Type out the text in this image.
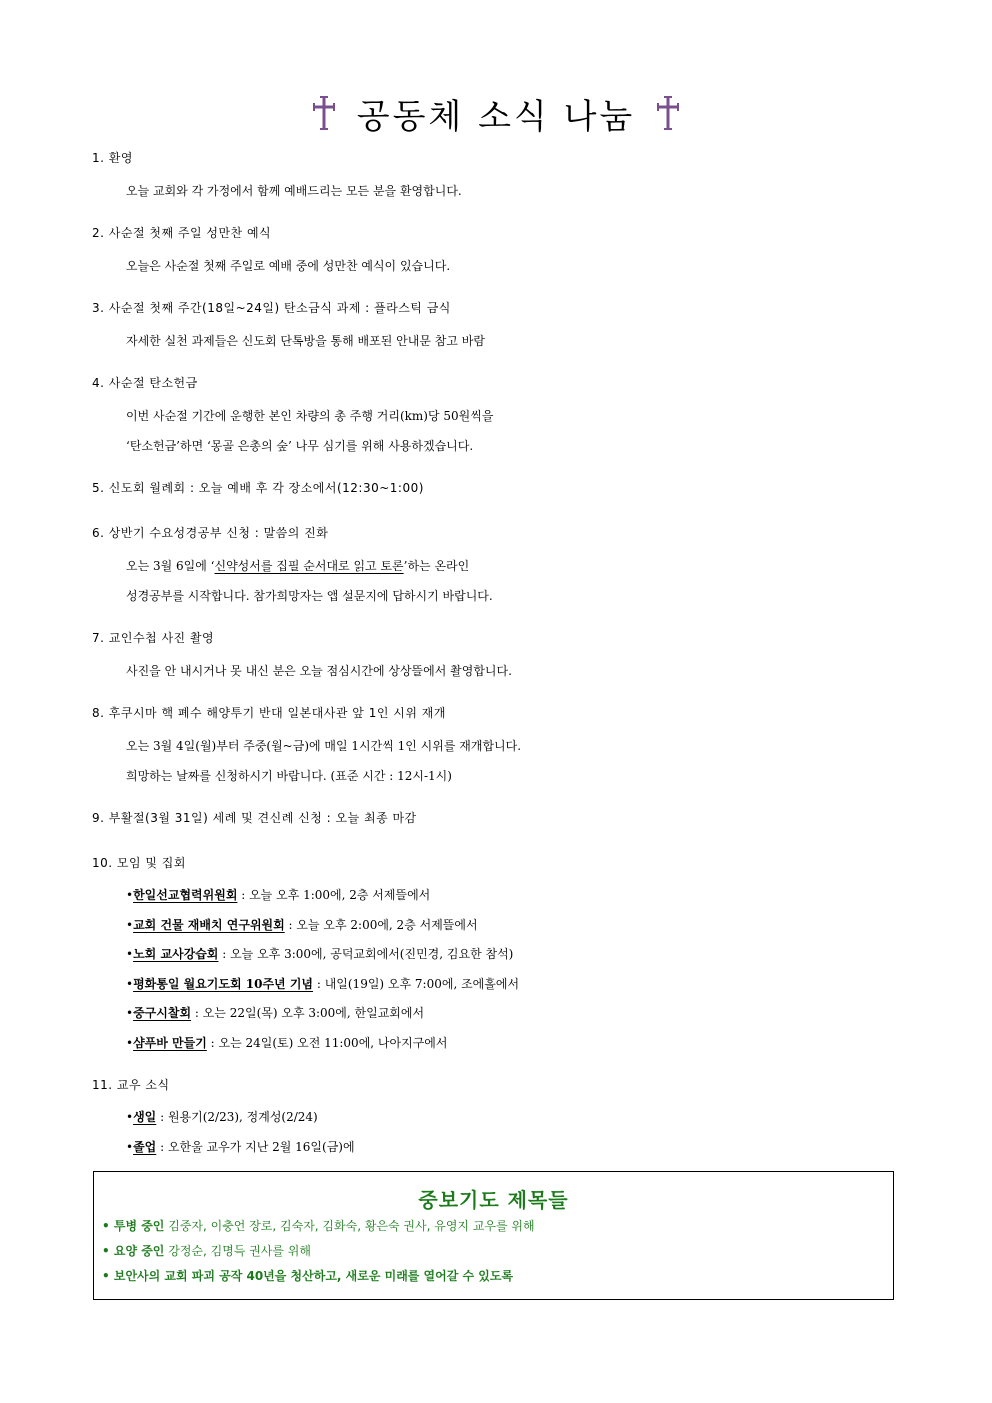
공동체 소식 나눔
1. 환영
오늘 교회와 각 가정에서 함께 예배드리는 모든 분을 환영합니다.
2. 사순절 첫째 주일 성만찬 예식
오늘은 사순절 첫째 주일로 예배 중에 성만찬 예식이 있습니다.
3. 사순절 첫째 주간(18일~24일) 탄소금식 과제 : 플라스틱 금식
자세한 실천 과제들은 신도회 단톡방을 통해 배포된 안내문 참고 바람
4. 사순절 탄소헌금
이번 사순절 기간에 운행한 본인 차량의 총 주행 거리(km)당 50원씩을
‘탄소헌금’하면 ‘몽골 은총의 숲’ 나무 심기를 위해 사용하겠습니다.
5. 신도회 월례회 : 오늘 예배 후 각 장소에서(12:30~1:00)
6. 상반기 수요성경공부 신청 : 말씀의 진화
오는 3월 6일에 ‘신약성서를 집필 순서대로 읽고 토론’하는 온라인
성경공부를 시작합니다. 참가희망자는 앱 설문지에 답하시기 바랍니다.
7. 교인수첩 사진 촬영
사진을 안 내시거나 못 내신 분은 오늘 점심시간에 상상뜰에서 촬영합니다.
8. 후쿠시마 핵 폐수 해양투기 반대 일본대사관 앞 1인 시위 재개
오는 3월 4일(월)부터 주중(월~금)에 매일 1시간씩 1인 시위를 재개합니다.
희망하는 날짜를 신청하시기 바랍니다. (표준 시간 : 12시-1시)
9. 부활절(3월 31일) 세례 및 견신례 신청 : 오늘 최종 마감
10. 모임 및 집회
•한일선교협력위원회 : 오늘 오후 1:00에, 2층 서제뜰에서
•교회 건물 재배치 연구위원회 : 오늘 오후 2:00에, 2층 서제뜰에서
•노회 교사강습회 : 오늘 오후 3:00에, 공덕교회에서(진민경, 김요한 참석)
•평화통일 월요기도회 10주년 기념 : 내일(19일) 오후 7:00에, 조에홀에서
•중구시찰회 : 오는 22일(목) 오후 3:00에, 한일교회에서
•샴푸바 만들기 : 오는 24일(토) 오전 11:00에, 나아지구에서
11. 교우 소식
•생일 : 원용기(2/23), 정계성(2/24)
•졸업 : 오한울 교우가 지난 2월 16일(금)에
중보기도 제목들
• 투병 중인 김중자, 이충언 장로, 김숙자, 김화숙, 황은숙 권사, 유영지 교우를 위해
• 요양 중인 강정순, 김명득 권사를 위해
• 보안사의 교회 파괴 공작 40년을 청산하고, 새로운 미래를 열어갈 수 있도록
